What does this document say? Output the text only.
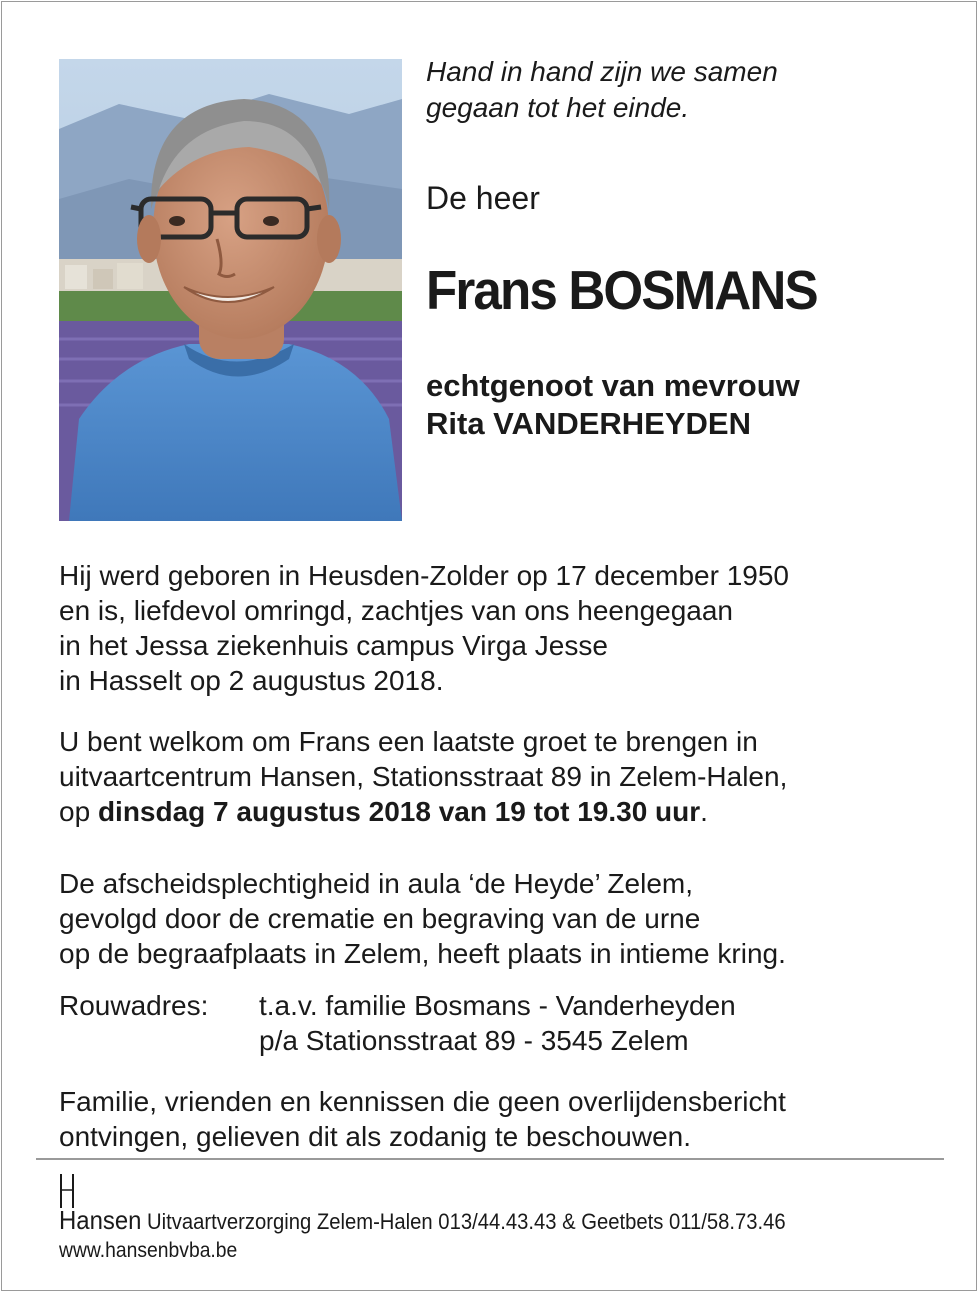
Hand in hand zijn we samen
gegaan tot het einde.
De heer
Frans BOSMANS
echtgenoot van mevrouw
Rita VANDERHEYDEN
Hij werd geboren in Heusden-Zolder op 17 december 1950
en is, liefdevol omringd, zachtjes van ons heengegaan
in het Jessa ziekenhuis campus Virga Jesse
in Hasselt op 2 augustus 2018.
U bent welkom om Frans een laatste groet te brengen in
uitvaartcentrum Hansen, Stationsstraat 89 in Zelem-Halen,
op dinsdag 7 augustus 2018 van 19 tot 19.30 uur.
De afscheidsplechtigheid in aula ‘de Heyde’ Zelem,
gevolgd door de crematie en begraving van de urne
op de begraafplaats in Zelem, heeft plaats in intieme kring.
Rouwadres:	t.a.v. familie Bosmans - Vanderheyden
p/a Stationsstraat 89 - 3545 Zelem
Familie, vrienden en kennissen die geen overlijdensbericht
ontvingen, gelieven dit als zodanig te beschouwen.
Hansen Uitvaartverzorging Zelem-Halen 013/44.43.43 & Geetbets 011/58.73.46
www.hansenbvba.be
